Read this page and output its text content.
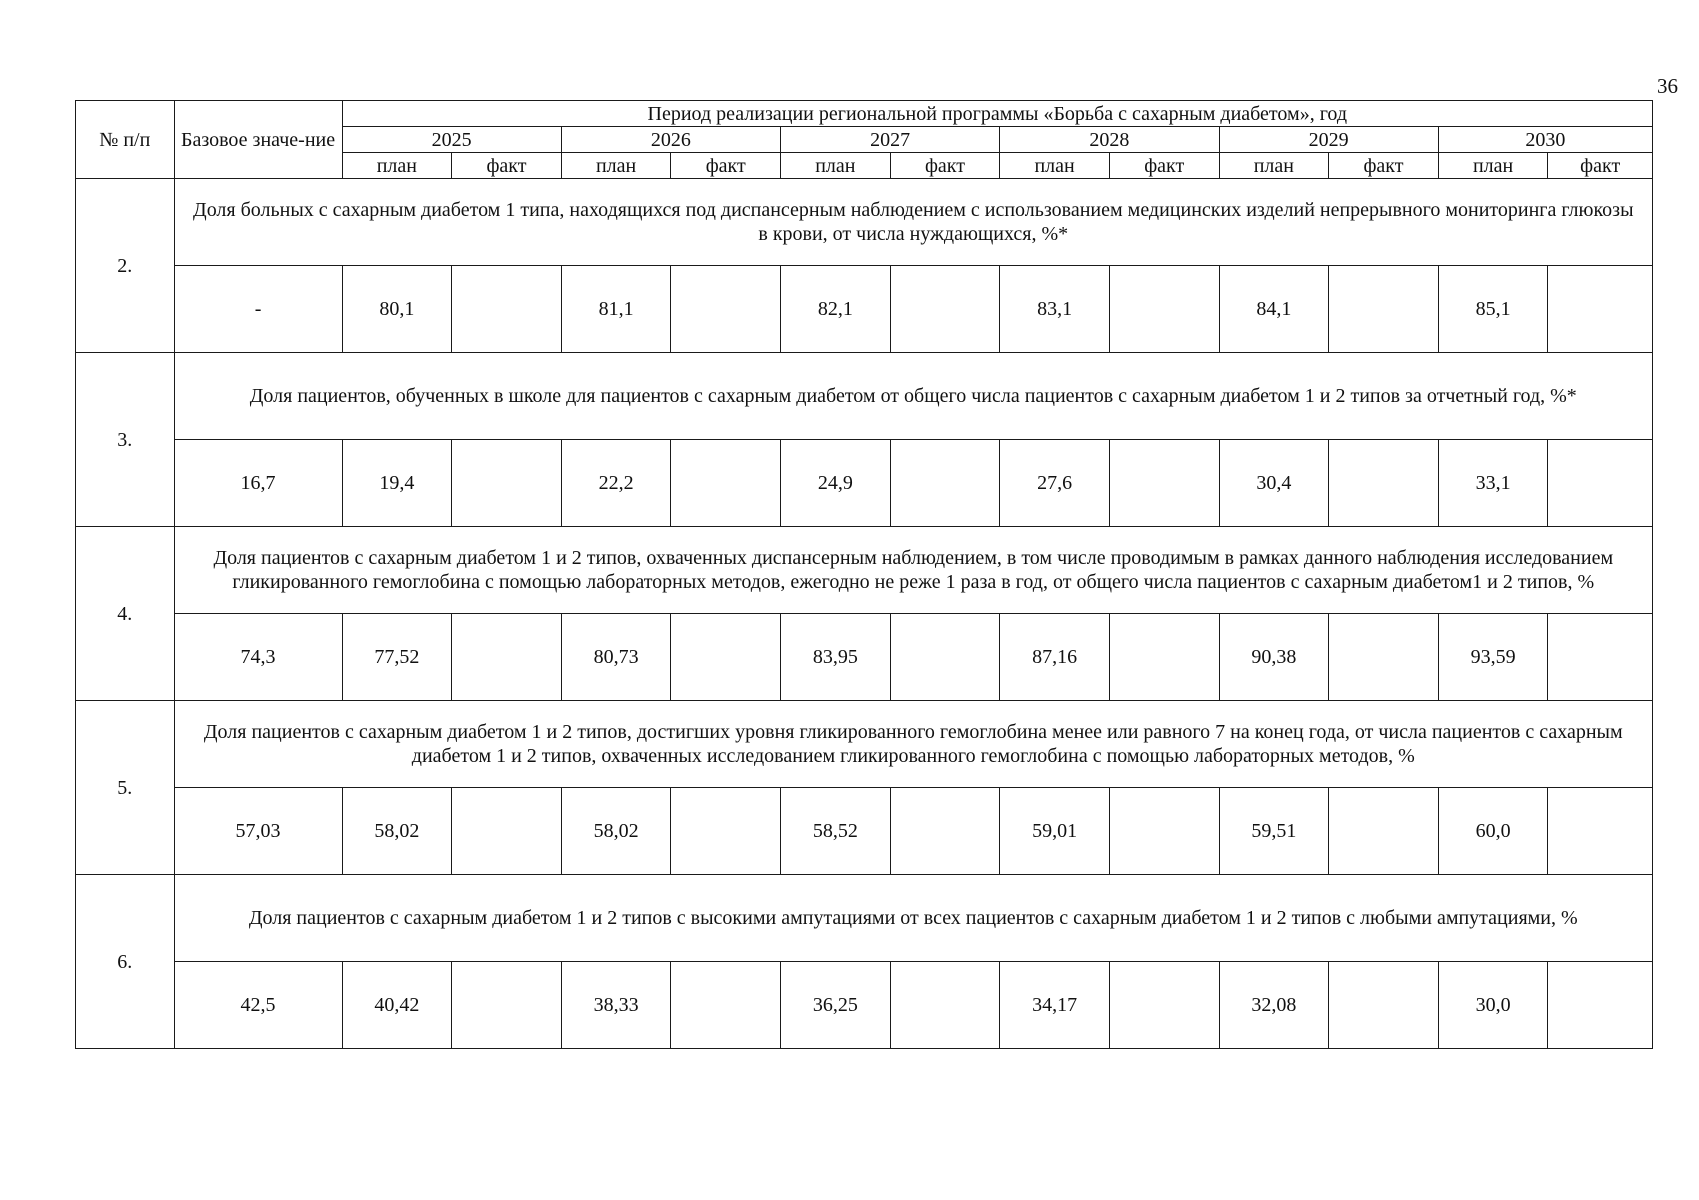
36
№ п/п	Базовое значе-ние	Период реализации региональной программы «Борьба с сахарным диабетом», год											
		2025		2026		2027		2028		2029		2030	
		план	факт	план	факт	план	факт	план	факт	план	факт	план	факт
2.	Доля больных с сахарным диабетом 1 типа, находящихся под диспансерным наблюдением с использованием медицинских изделий непрерывного мониторинга глюкозы в крови, от числа нуждающихся, %*												
	-	80,1		81,1		82,1		83,1		84,1		85,1	
3.	Доля пациентов, обученных в школе для пациентов с сахарным диабетом от общего числа пациентов с сахарным диабетом 1 и 2 типов за отчетный год, %*												
	16,7	19,4		22,2		24,9		27,6		30,4		33,1	
4.	Доля пациентов с сахарным диабетом 1 и 2 типов, охваченных диспансерным наблюдением, в том числе проводимым в рамках данного наблюдения исследованием гликированного гемоглобина с помощью лабораторных методов, ежегодно не реже 1 раза в год, от общего числа пациентов с сахарным диабетом1 и 2 типов, %												
	74,3	77,52		80,73		83,95		87,16		90,38		93,59	
5.	Доля пациентов с сахарным диабетом 1 и 2 типов, достигших уровня гликированного гемоглобина менее или равного 7 на конец года, от числа пациентов с сахарным диабетом 1 и 2 типов, охваченных исследованием гликированного гемоглобина с помощью лабораторных методов, %												
	57,03	58,02		58,02		58,52		59,01		59,51		60,0	
6.	Доля пациентов с сахарным диабетом 1 и 2 типов с высокими ампутациями от всех пациентов с сахарным диабетом 1 и 2 типов с любыми ампутациями, %												
	42,5	40,42		38,33		36,25		34,17		32,08		30,0	
